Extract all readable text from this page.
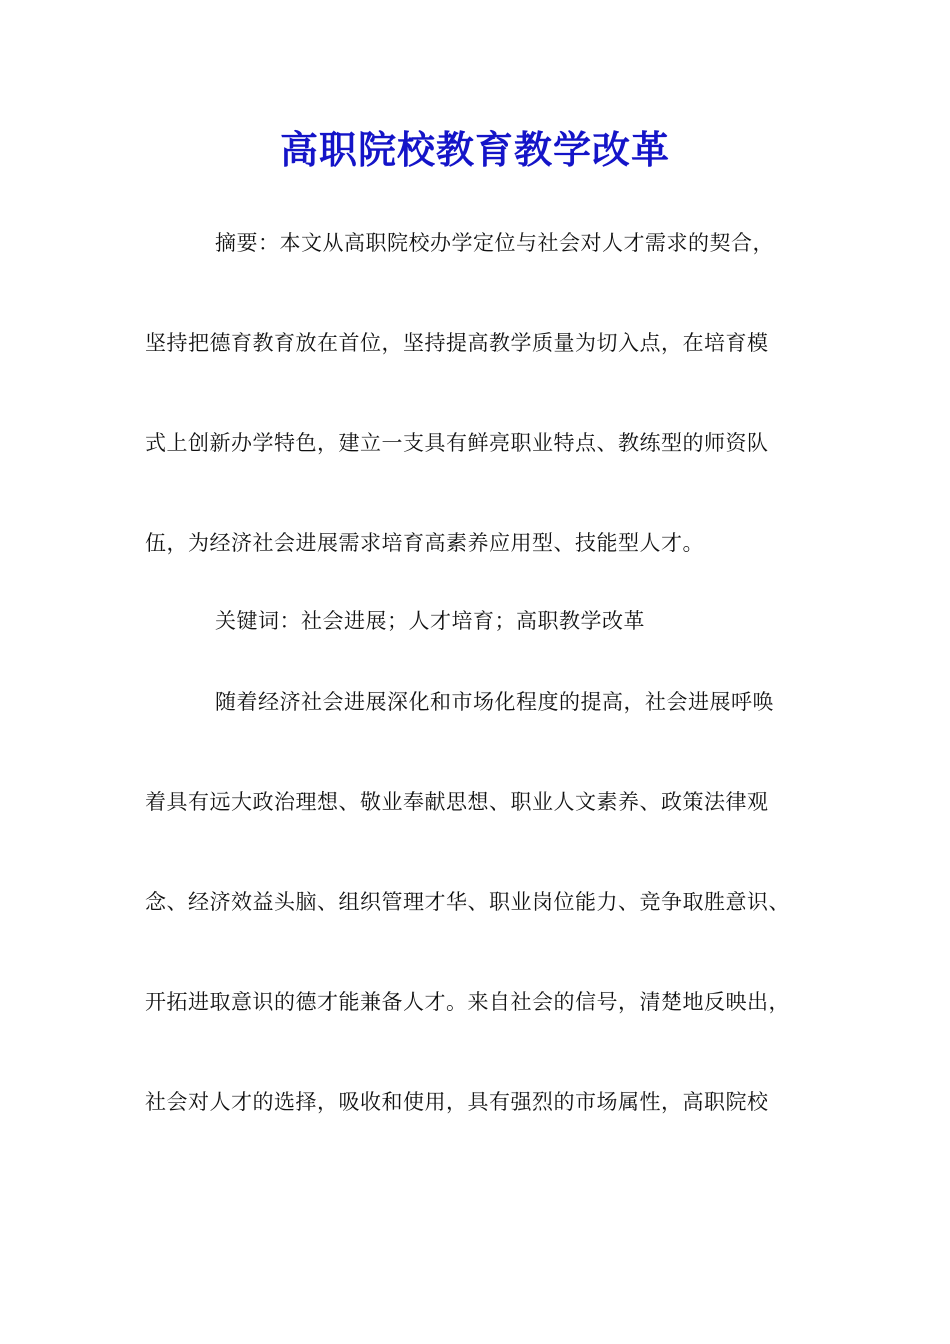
高职院校教育教学改革
摘要：本文从高职院校办学定位与社会对人才需求的契合，
坚持把德育教育放在首位，坚持提高教学质量为切入点，在培育模
式上创新办学特色，建立一支具有鲜亮职业特点、教练型的师资队
伍，为经济社会进展需求培育高素养应用型、技能型人才。
关键词：社会进展；人才培育；高职教学改革
随着经济社会进展深化和市场化程度的提高，社会进展呼唤
着具有远大政治理想、敬业奉献思想、职业人文素养、政策法律观
念、经济效益头脑、组织管理才华、职业岗位能力、竞争取胜意识、
开拓进取意识的德才能兼备人才。来自社会的信号，清楚地反映出，
社会对人才的选择，吸收和使用，具有强烈的市场属性，高职院校
